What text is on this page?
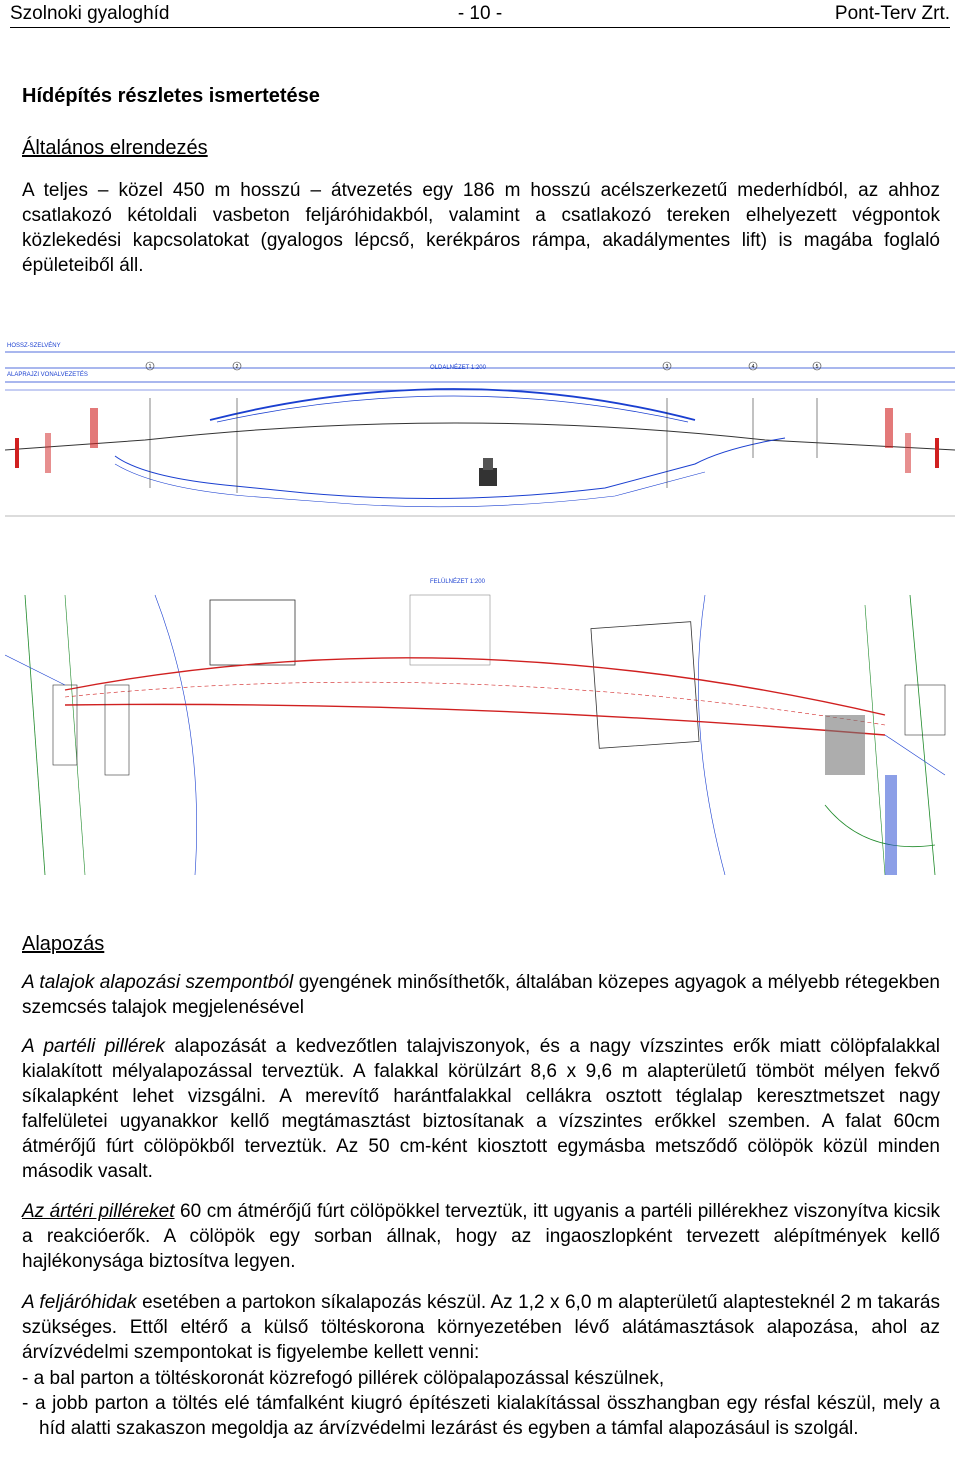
Szolnoki gyaloghíd	- 10 -	Pont-Terv Zrt.
Hídépítés részletes ismertetése
Általános elrendezés

A teljes – közel 450 m hosszú – átvezetés egy 186 m hosszú acélszerkezetű mederhídból, az ahhoz csatlakozó kétoldali vasbeton feljáróhidakból, valamint a csatlakozó tereken elhelyezett végpontok közlekedési kapcsolatokat (gyalogos lépcső, kerékpáros rámpa, akadálymentes lift) is magába foglaló épületeiből áll.

HOSSZ-SZELVÉNY
ALAPRAJZI VONALVEZETÉS
OLDALNÉZET 1:200
1	2	3	4	5
FELÜLNÉZET 1:200
Alapozás

A talajok alapozási szempontból gyengének minősíthetők, általában közepes agyagok a mélyebb rétegekben szemcsés talajok megjelenésével

A partéli pillérek alapozását a kedvezőtlen talajviszonyok, és a nagy vízszintes erők miatt cölöpfalakkal kialakított mélyalapozással terveztük. A falakkal körülzárt 8,6 x 9,6 m alapterületű tömböt mélyen fekvő síkalapként lehet vizsgálni. A merevítő harántfalakkal cellákra osztott téglalap keresztmetszet nagy falfelületei ugyanakkor kellő megtámasztást biztosítanak a vízszintes erőkkel szemben. A falat 60cm átmérőjű fúrt cölöpökből terveztük. Az 50 cm-ként kiosztott egymásba metsződő cölöpök közül minden második vasalt.

Az ártéri pilléreket 60 cm átmérőjű fúrt cölöpökkel terveztük, itt ugyanis a partéli pillérekhez viszonyítva kicsik a reakcióerők. A cölöpök egy sorban állnak, hogy az ingaoszlopként tervezett alépítmények kellő hajlékonysága biztosítva legyen.

A feljáróhidak esetében a partokon síkalapozás készül. Az 1,2 x 6,0 m alapterületű alaptesteknél 2 m takarás szükséges. Ettől eltérő a külső töltéskorona környezetében lévő alátámasztások alapozása, ahol az árvízvédelmi szempontokat is figyelembe kellett venni:

- a bal parton a töltéskoronát közrefogó pillérek cölöpalapozással készülnek,
- a jobb parton a töltés elé támfalként kiugró építészeti kialakítással összhangban egy résfal készül, mely a híd alatti szakaszon megoldja az árvízvédelmi lezárást és egyben a támfal alapozásául is szolgál.
